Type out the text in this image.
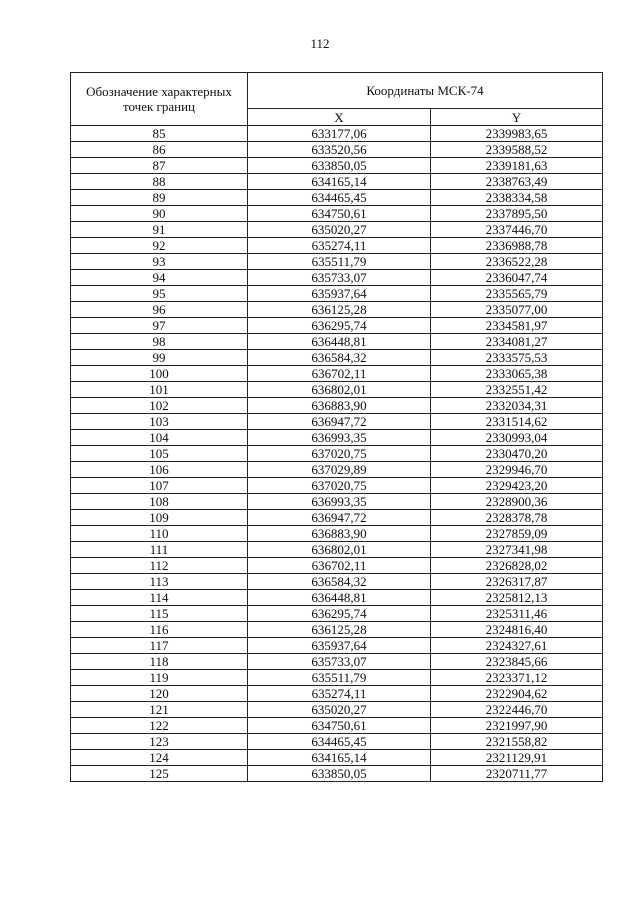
112
Обозначение характерных точек границ	Координаты МСК-74	
	X	Y
85	633177,06	2339983,65
86	633520,56	2339588,52
87	633850,05	2339181,63
88	634165,14	2338763,49
89	634465,45	2338334,58
90	634750,61	2337895,50
91	635020,27	2337446,70
92	635274,11	2336988,78
93	635511,79	2336522,28
94	635733,07	2336047,74
95	635937,64	2335565,79
96	636125,28	2335077,00
97	636295,74	2334581,97
98	636448,81	2334081,27
99	636584,32	2333575,53
100	636702,11	2333065,38
101	636802,01	2332551,42
102	636883,90	2332034,31
103	636947,72	2331514,62
104	636993,35	2330993,04
105	637020,75	2330470,20
106	637029,89	2329946,70
107	637020,75	2329423,20
108	636993,35	2328900,36
109	636947,72	2328378,78
110	636883,90	2327859,09
111	636802,01	2327341,98
112	636702,11	2326828,02
113	636584,32	2326317,87
114	636448,81	2325812,13
115	636295,74	2325311,46
116	636125,28	2324816,40
117	635937,64	2324327,61
118	635733,07	2323845,66
119	635511,79	2323371,12
120	635274,11	2322904,62
121	635020,27	2322446,70
122	634750,61	2321997,90
123	634465,45	2321558,82
124	634165,14	2321129,91
125	633850,05	2320711,77
